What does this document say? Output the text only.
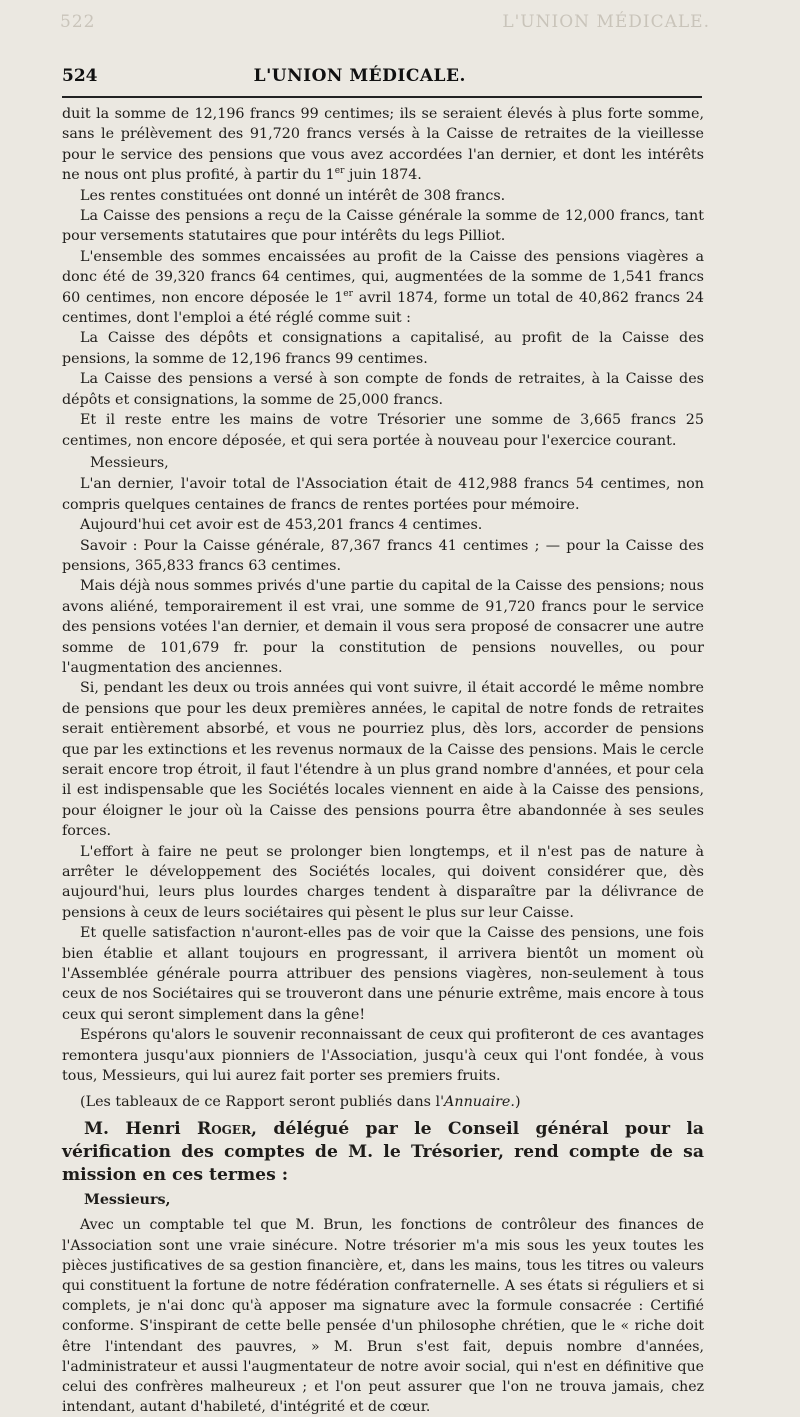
522	L'UNION MÉDICALE.
524	L'UNION MÉDICALE.

duit la somme de 12,196 francs 99 centimes; ils se seraient élevés à plus forte somme, sans le prélèvement des 91,720 francs versés à la Caisse de retraites de la vieillesse pour le service des pensions que vous avez accordées l'an dernier, et dont les intérêts ne nous ont plus profité, à partir du 1er juin 1874.

Les rentes constituées ont donné un intérêt de 308 francs.

La Caisse des pensions a reçu de la Caisse générale la somme de 12,000 francs, tant pour versements statutaires que pour intérêts du legs Pilliot.

L'ensemble des sommes encaissées au profit de la Caisse des pensions viagères a donc été de 39,320 francs 64 centimes, qui, augmentées de la somme de 1,541 francs 60 centimes, non encore déposée le 1er avril 1874, forme un total de 40,862 francs 24 centimes, dont l'emploi a été réglé comme suit :

La Caisse des dépôts et consignations a capitalisé, au profit de la Caisse des pensions, la somme de 12,196 francs 99 centimes.

La Caisse des pensions a versé à son compte de fonds de retraites, à la Caisse des dépôts et consignations, la somme de 25,000 francs.

Et il reste entre les mains de votre Trésorier une somme de 3,665 francs 25 centimes, non encore déposée, et qui sera portée à nouveau pour l'exercice courant.

Messieurs,

L'an dernier, l'avoir total de l'Association était de 412,988 francs 54 centimes, non compris quelques centaines de francs de rentes portées pour mémoire.

Aujourd'hui cet avoir est de 453,201 francs 4 centimes.

Savoir : Pour la Caisse générale, 87,367 francs 41 centimes ; — pour la Caisse des pensions, 365,833 francs 63 centimes.

Mais déjà nous sommes privés d'une partie du capital de la Caisse des pensions; nous avons aliéné, temporairement il est vrai, une somme de 91,720 francs pour le service des pensions votées l'an dernier, et demain il vous sera proposé de consacrer une autre somme de 101,679 fr. pour la constitution de pensions nouvelles, ou pour l'augmentation des anciennes.

Si, pendant les deux ou trois années qui vont suivre, il était accordé le même nombre de pensions que pour les deux premières années, le capital de notre fonds de retraites serait entièrement absorbé, et vous ne pourriez plus, dès lors, accorder de pensions que par les extinctions et les revenus normaux de la Caisse des pensions. Mais le cercle serait encore trop étroit, il faut l'étendre à un plus grand nombre d'années, et pour cela il est indispensable que les Sociétés locales viennent en aide à la Caisse des pensions, pour éloigner le jour où la Caisse des pensions pourra être abandonnée à ses seules forces.

L'effort à faire ne peut se prolonger bien longtemps, et il n'est pas de nature à arrêter le développement des Sociétés locales, qui doivent considérer que, dès aujourd'hui, leurs plus lourdes charges tendent à disparaître par la délivrance de pensions à ceux de leurs sociétaires qui pèsent le plus sur leur Caisse.

Et quelle satisfaction n'auront-elles pas de voir que la Caisse des pensions, une fois bien établie et allant toujours en progressant, il arrivera bientôt un moment où l'Assemblée générale pourra attribuer des pensions viagères, non-seulement à tous ceux de nos Sociétaires qui se trouveront dans une pénurie extrême, mais encore à tous ceux qui seront simplement dans la gêne!

Espérons qu'alors le souvenir reconnaissant de ceux qui profiteront de ces avantages remontera jusqu'aux pionniers de l'Association, jusqu'à ceux qui l'ont fondée, à vous tous, Messieurs, qui lui aurez fait porter ses premiers fruits.

(Les tableaux de ce Rapport seront publiés dans l'Annuaire.)

M. Henri Roger, délégué par le Conseil général pour la vérification des comptes de M. le Trésorier, rend compte de sa mission en ces termes :

Messieurs,

Avec un comptable tel que M. Brun, les fonctions de contrôleur des finances de l'Association sont une vraie sinécure. Notre trésorier m'a mis sous les yeux toutes les pièces justificatives de sa gestion financière, et, dans les mains, tous les titres ou valeurs qui constituent la fortune de notre fédération confraternelle. A ses états si réguliers et si complets, je n'ai donc qu'à apposer ma signature avec la formule consacrée : Certifié conforme. S'inspirant de cette belle pensée d'un philosophe chrétien, que le « riche doit être l'intendant des pauvres, » M. Brun s'est fait, depuis nombre d'années, l'administrateur et aussi l'augmentateur de notre avoir social, qui n'est en définitive que celui des confrères malheureux ; et l'on peut assurer que l'on ne trouva jamais, chez intendant, autant d'habileté, d'intégrité et de cœur.
